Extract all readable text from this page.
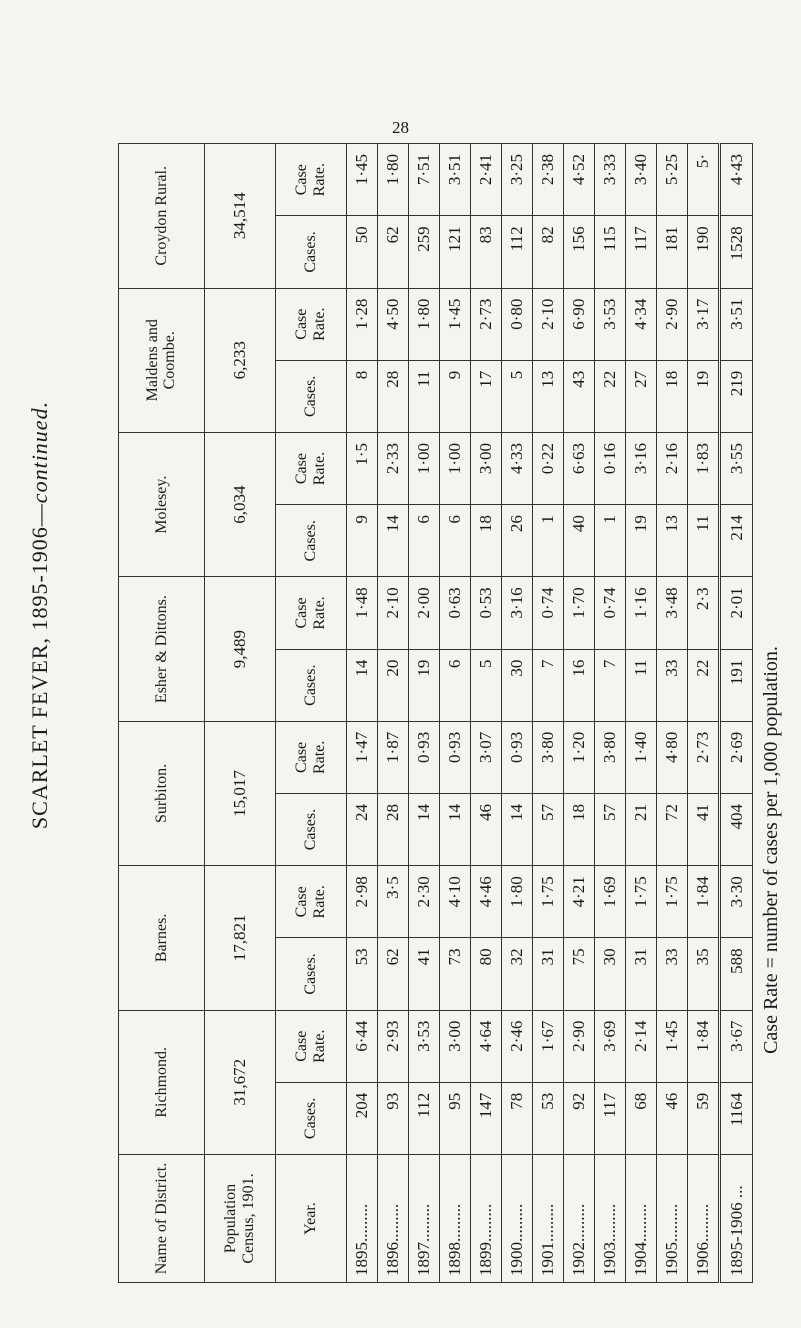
28
SCARLET FEVER, 1895-1906—continued.
Case Rate = number of cases per 1,000 population.
Name of District.	Richmond.		Barnes.		Surbiton.		Esher & Dittons.		Molesey.		Maldens and Coombe.		Croydon Rural.	
Population Census, 1901.	31,672		17,821		15,017		9,489		6,034		6,233		34,514	
Year.	Cases.	Case Rate.	Cases.	Case Rate.	Cases.	Case Rate.	Cases.	Case Rate.	Cases.	Case Rate.	Cases.	Case Rate.	Cases.	Case Rate.
1895.........	204	6·44	53	2·98	24	1·47	14	1·48	9	1·5	8	1·28	50	1·45
1896.........	93	2·93	62	3·5	28	1·87	20	2·10	14	2·33	28	4·50	62	1·80
1897.........	112	3·53	41	2·30	14	0·93	19	2·00	6	1·00	11	1·80	259	7·51
1898.........	95	3·00	73	4·10	14	0·93	6	0·63	6	1·00	9	1·45	121	3·51
1899.........	147	4·64	80	4·46	46	3·07	5	0·53	18	3·00	17	2·73	83	2·41
1900.........	78	2·46	32	1·80	14	0·93	30	3·16	26	4·33	5	0·80	112	3·25
1901.........	53	1·67	31	1·75	57	3·80	7	0·74	1	0·22	13	2·10	82	2·38
1902.........	92	2·90	75	4·21	18	1·20	16	1·70	40	6·63	43	6·90	156	4·52
1903.........	117	3·69	30	1·69	57	3·80	7	0·74	1	0·16	22	3·53	115	3·33
1904.........	68	2·14	31	1·75	21	1·40	11	1·16	19	3·16	27	4·34	117	3·40
1905.........	46	1·45	33	1·75	72	4·80	33	3·48	13	2·16	18	2·90	181	5·25
1906.........	59	1·84	35	1·84	41	2·73	22	2·3	11	1·83	19	3·17	190	5·
1895-1906 ...	1164	3·67	588	3·30	404	2·69	191	2·01	214	3·55	219	3·51	1528	4·43
